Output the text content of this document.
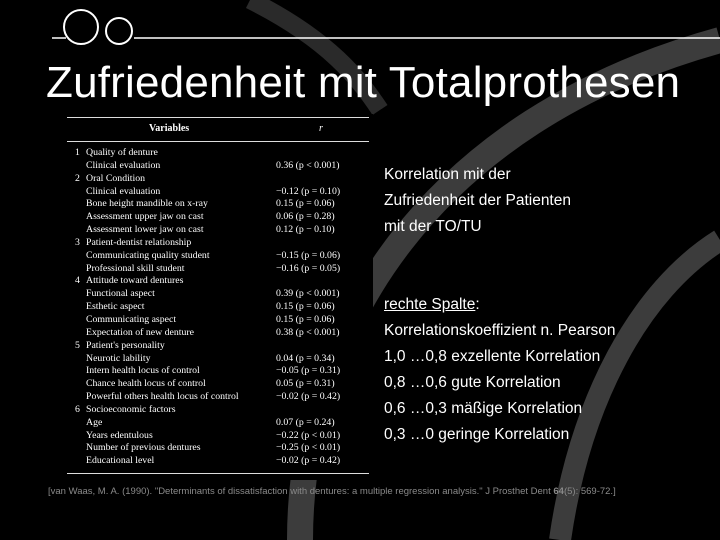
Zufriedenheit mit Totalprothesen
Variables	r
1 Quality of denture
Clinical evaluation	0.36 (p < 0.001)
2 Oral Condition
Clinical evaluation	−0.12 (p = 0.10)
Bone height mandible on x-ray	0.15 (p = 0.06)
Assessment upper jaw on cast	0.06 (p = 0.28)
Assessment lower jaw on cast	0.12 (p − 0.10)
3 Patient-dentist relationship
Communicating quality student	−0.15 (p = 0.06)
Professional skill student	−0.16 (p = 0.05)
4 Attitude toward dentures
Functional aspect	0.39 (p < 0.001)
Esthetic aspect	0.15 (p = 0.06)
Communicating aspect	0.15 (p = 0.06)
Expectation of new denture	0.38 (p < 0.001)
5 Patient's personality
Neurotic lability	0.04 (p = 0.34)
Intern health locus of control	−0.05 (p = 0.31)
Chance health locus of control	0.05 (p = 0.31)
Powerful others health locus of control	−0.02 (p = 0.42)
6 Socioeconomic factors
Age	0.07 (p = 0.24)
Years edentulous	−0.22 (p < 0.01)
Number of previous dentures	−0.25 (p < 0.01)
Educational level	−0.02 (p = 0.42)
Korrelation mit der
Zufriedenheit der Patienten
mit der TO/TU
rechte Spalte:
Korrelationskoeffizient n. Pearson
1,0 …0,8 exzellente Korrelation
0,8 …0,6 gute Korrelation
0,6 …0,3 mäßige Korrelation
0,3 …0 geringe Korrelation
[van Waas, M. A. (1990). "Determinants of dissatisfaction with dentures: a multiple regression analysis." J Prosthet Dent 64(5): 569-72.]
